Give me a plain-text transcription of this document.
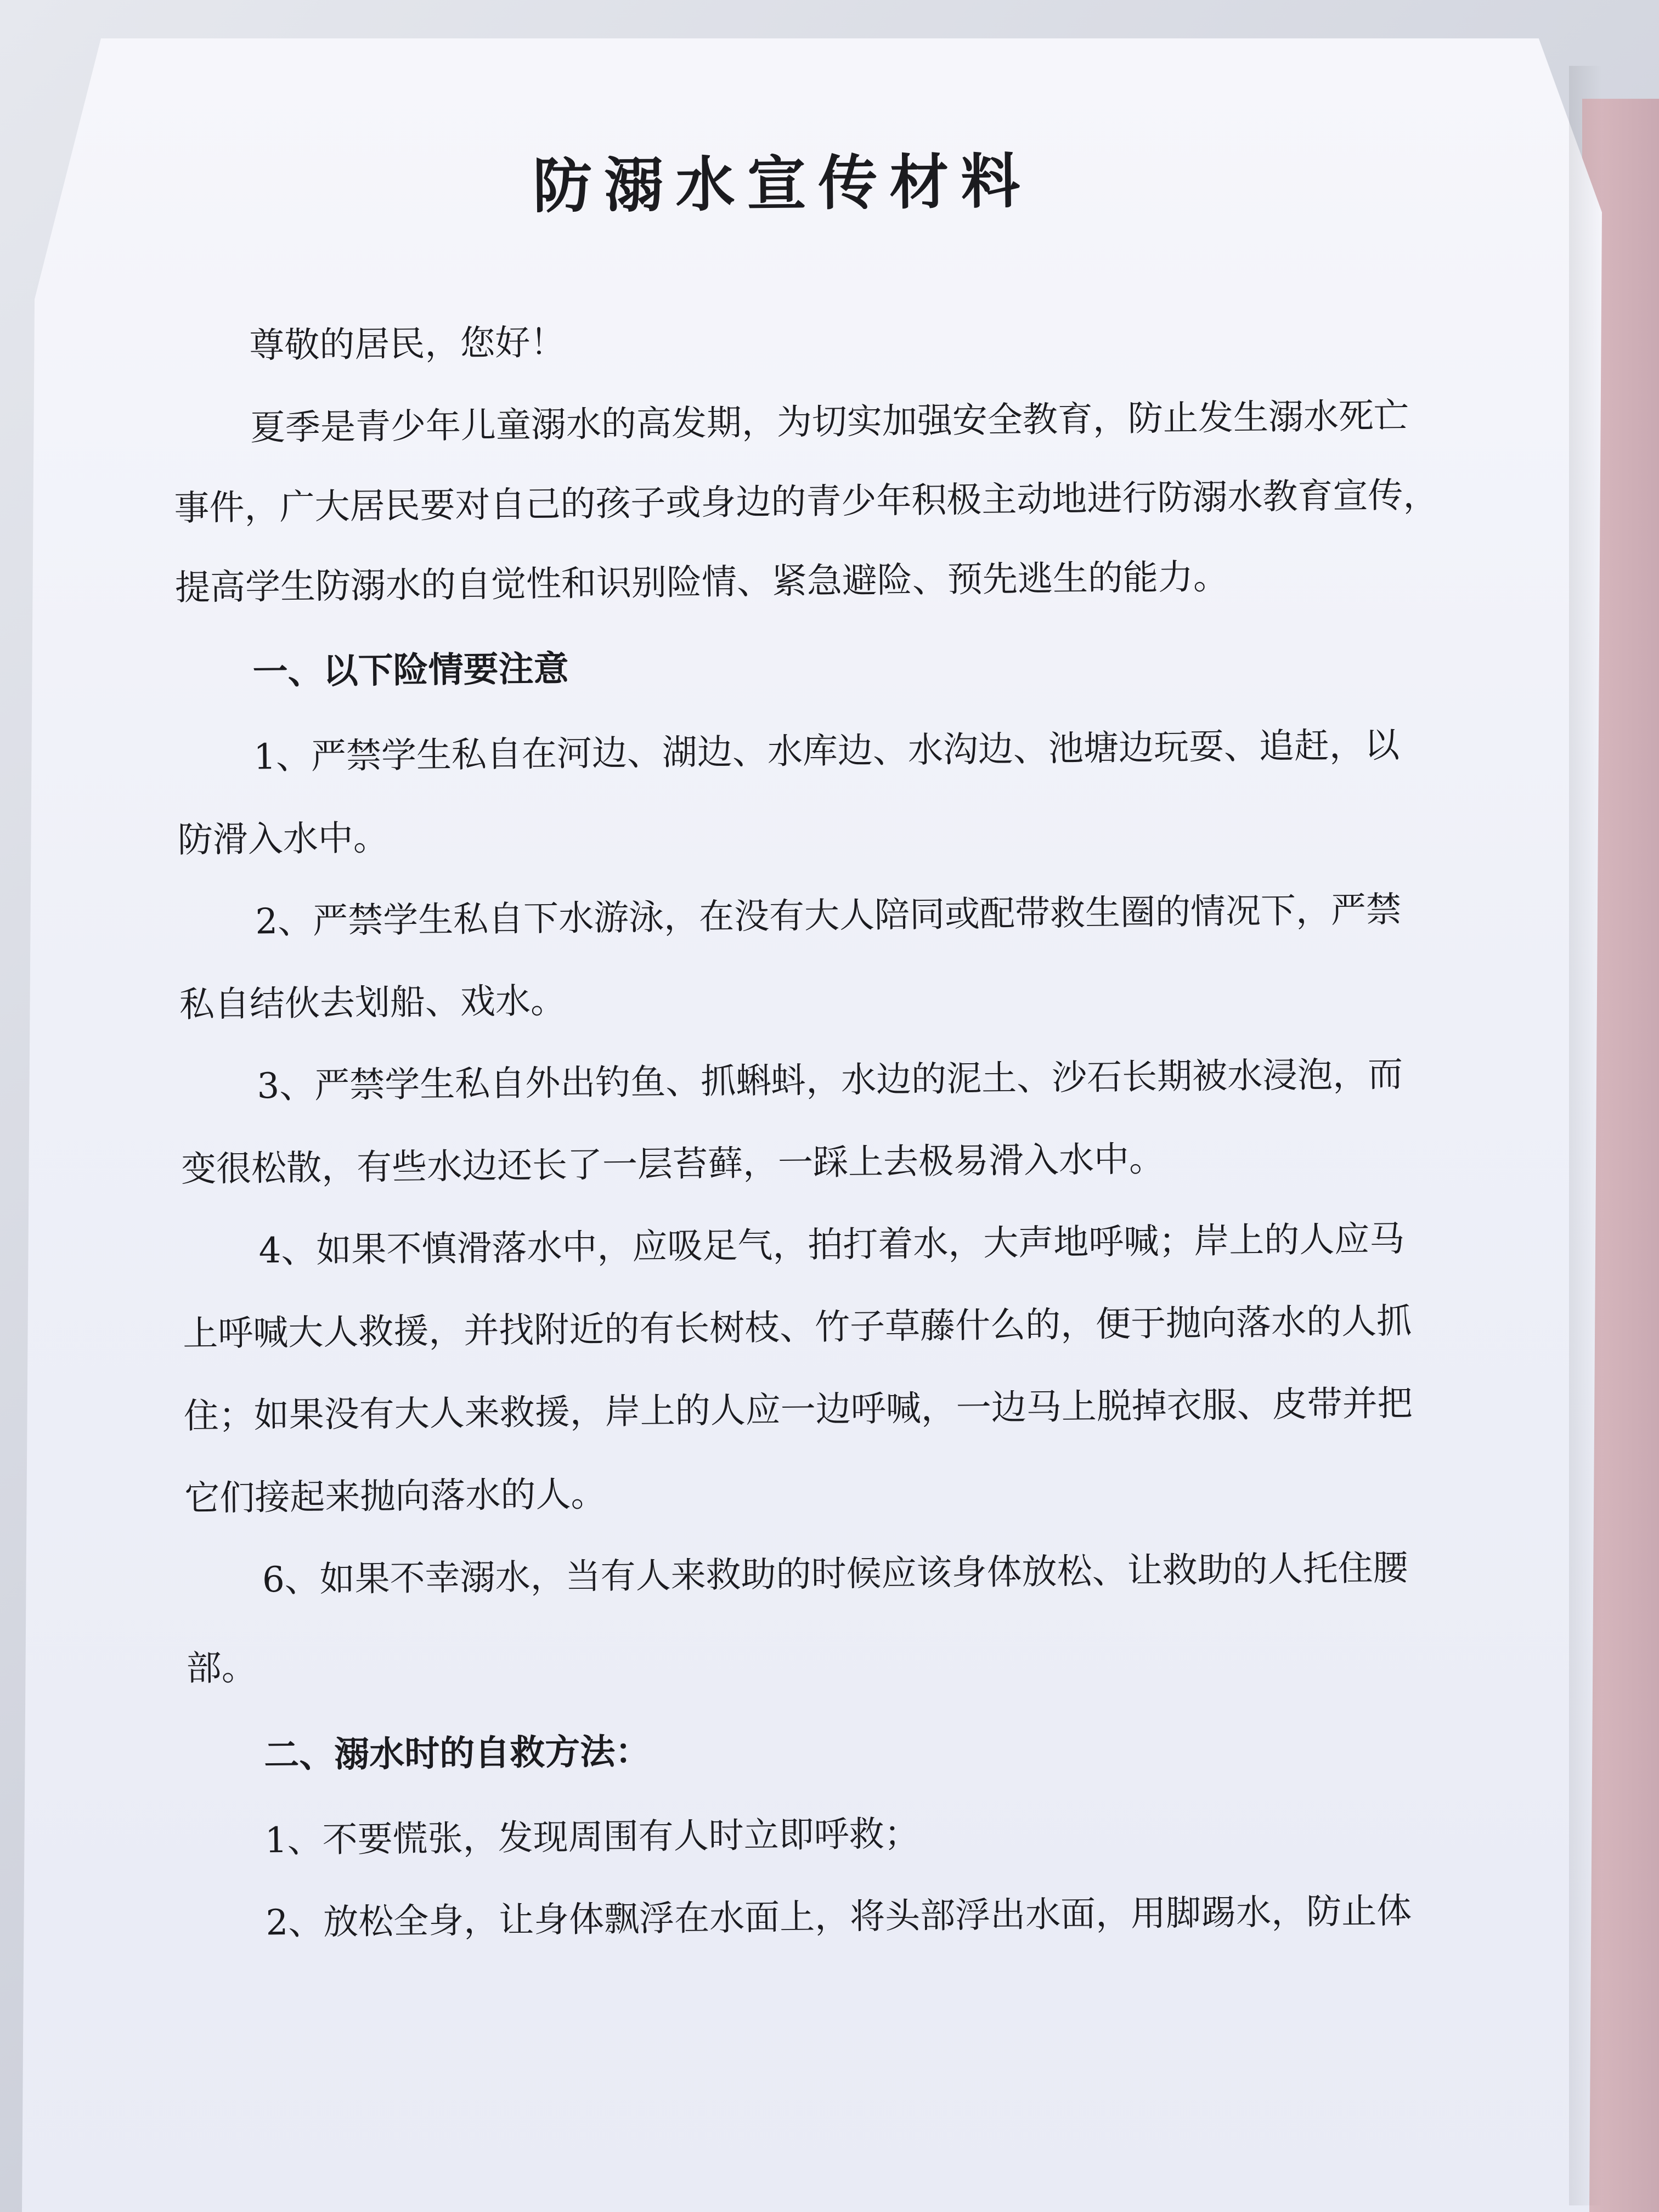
防溺水宣传材料
尊敬的居民，您好！
夏季是青少年儿童溺水的高发期，为切实加强安全教育，防止发生溺水死亡
事件，广大居民要对自己的孩子或身边的青少年积极主动地进行防溺水教育宣传，
提高学生防溺水的自觉性和识别险情、紧急避险、预先逃生的能力。
一、以下险情要注意
1、严禁学生私自在河边、湖边、水库边、水沟边、池塘边玩耍、追赶，以
防滑入水中。
2、严禁学生私自下水游泳，在没有大人陪同或配带救生圈的情况下，严禁
私自结伙去划船、戏水。
3、严禁学生私自外出钓鱼、抓蝌蚪，水边的泥土、沙石长期被水浸泡，而
变很松散，有些水边还长了一层苔藓，一踩上去极易滑入水中。
4、如果不慎滑落水中，应吸足气，拍打着水，大声地呼喊；岸上的人应马
上呼喊大人救援，并找附近的有长树枝、竹子草藤什么的，便于抛向落水的人抓
住；如果没有大人来救援，岸上的人应一边呼喊，一边马上脱掉衣服、皮带并把
它们接起来抛向落水的人。
6、如果不幸溺水，当有人来救助的时候应该身体放松、让救助的人托住腰
部。
二、溺水时的自救方法：
1、不要慌张，发现周围有人时立即呼救；
2、放松全身，让身体飘浮在水面上，将头部浮出水面，用脚踢水，防止体
